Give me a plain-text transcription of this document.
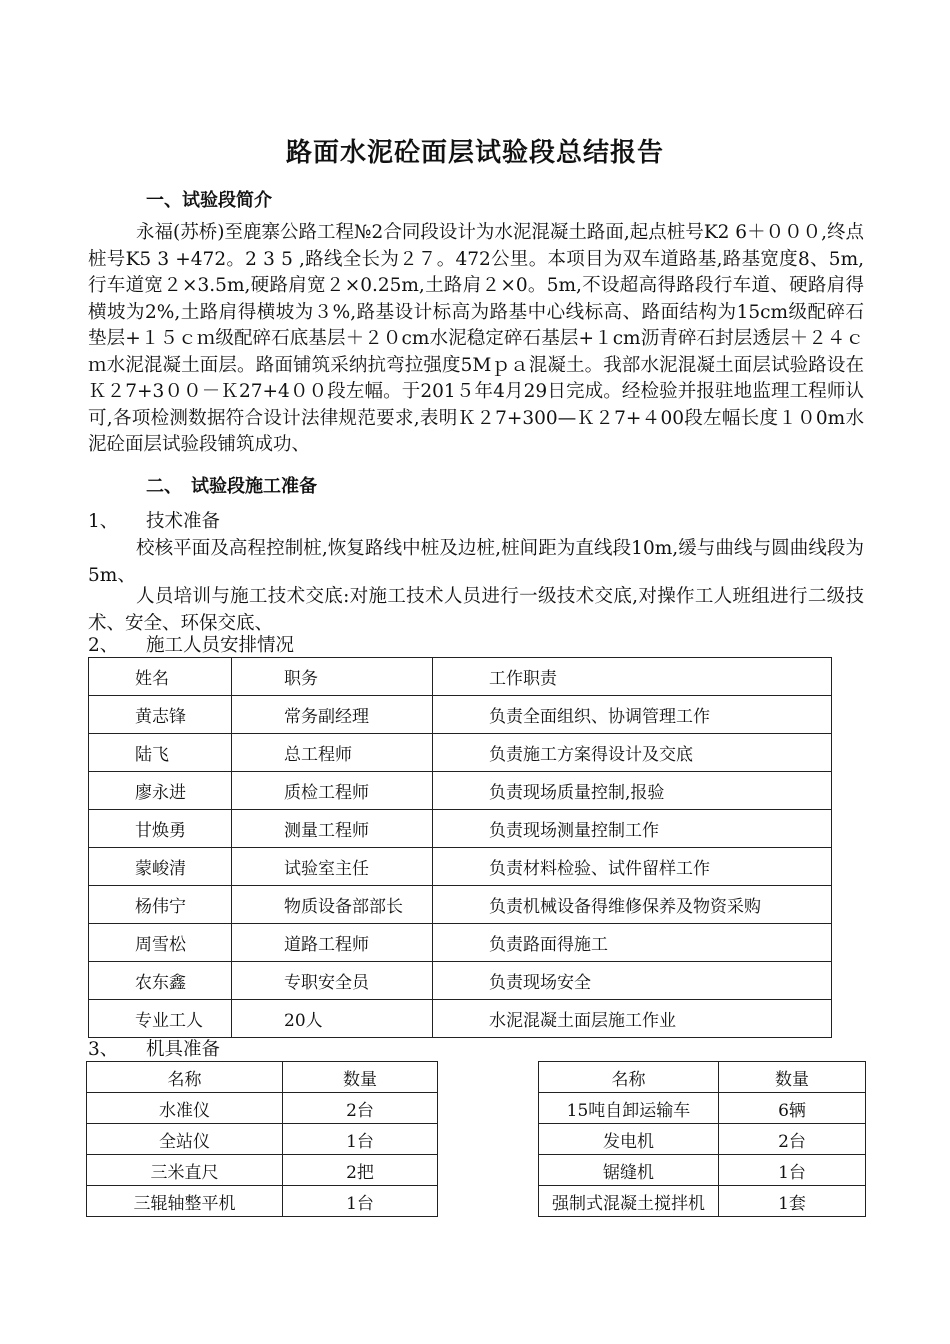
路面水泥砼面层试验段总结报告
一、试验段简介

永福(苏桥)至鹿寨公路工程№2合同段设计为水泥混凝土路面,起点桩号K2 6＋０００,终点桩号K5 3 +472。2 3 5 ,路线全长为２７。472公里。本项目为双车道路基,路基宽度8、5m,行车道宽２×3.5m,硬路肩宽２×0.25m,土路肩２×0。5m,不设超高得路段行车道、硬路肩得横坡为2%,土路肩得横坡为３%,路基设计标高为路基中心线标高、路面结构为15cm级配碎石垫层+１５ｃｍ级配碎石底基层＋２０cm水泥稳定碎石基层+１cm沥青碎石封层透层＋２４ｃｍ水泥混凝土面层。路面铺筑采纳抗弯拉强度5Mｐａ混凝土。我部水泥混凝土面层试验路设在Ｋ２7+3００－Ｋ27+4００段左幅。于201５年4月29日完成。经检验并报驻地监理工程师认可,各项检测数据符合设计法律规范要求,表明Ｋ２7+300—Ｋ２7+４00段左幅长度１０0m水泥砼面层试验段铺筑成功、

二、　试验段施工准备
1、 技术准备

校核平面及高程控制桩,恢复路线中桩及边桩,桩间距为直线段10m,缓与曲线与圆曲线段为5m、

人员培训与施工技术交底:对施工技术人员进行一级技术交底,对操作工人班组进行二级技术、安全、环保交底、

2、 施工人员安排情况
姓名	职务	工作职责
黄志锋	常务副经理	负责全面组织、协调管理工作
陆飞	总工程师	负责施工方案得设计及交底
廖永进	质检工程师	负责现场质量控制,报验
甘焕勇	测量工程师	负责现场测量控制工作
蒙峻清	试验室主任	负责材料检验、试件留样工作
杨伟宁	物质设备部部长	负责机械设备得维修保养及物资采购
周雪松	道路工程师	负责路面得施工
农东鑫	专职安全员	负责现场安全
专业工人	20人	水泥混凝土面层施工作业
3、 机具准备
名称	数量
水准仪	2台
全站仪	1台
三米直尺	2把
三辊轴整平机	1台
名称	数量
15吨自卸运输车	6辆
发电机	2台
锯缝机	1台
强制式混凝土搅拌机	1套
